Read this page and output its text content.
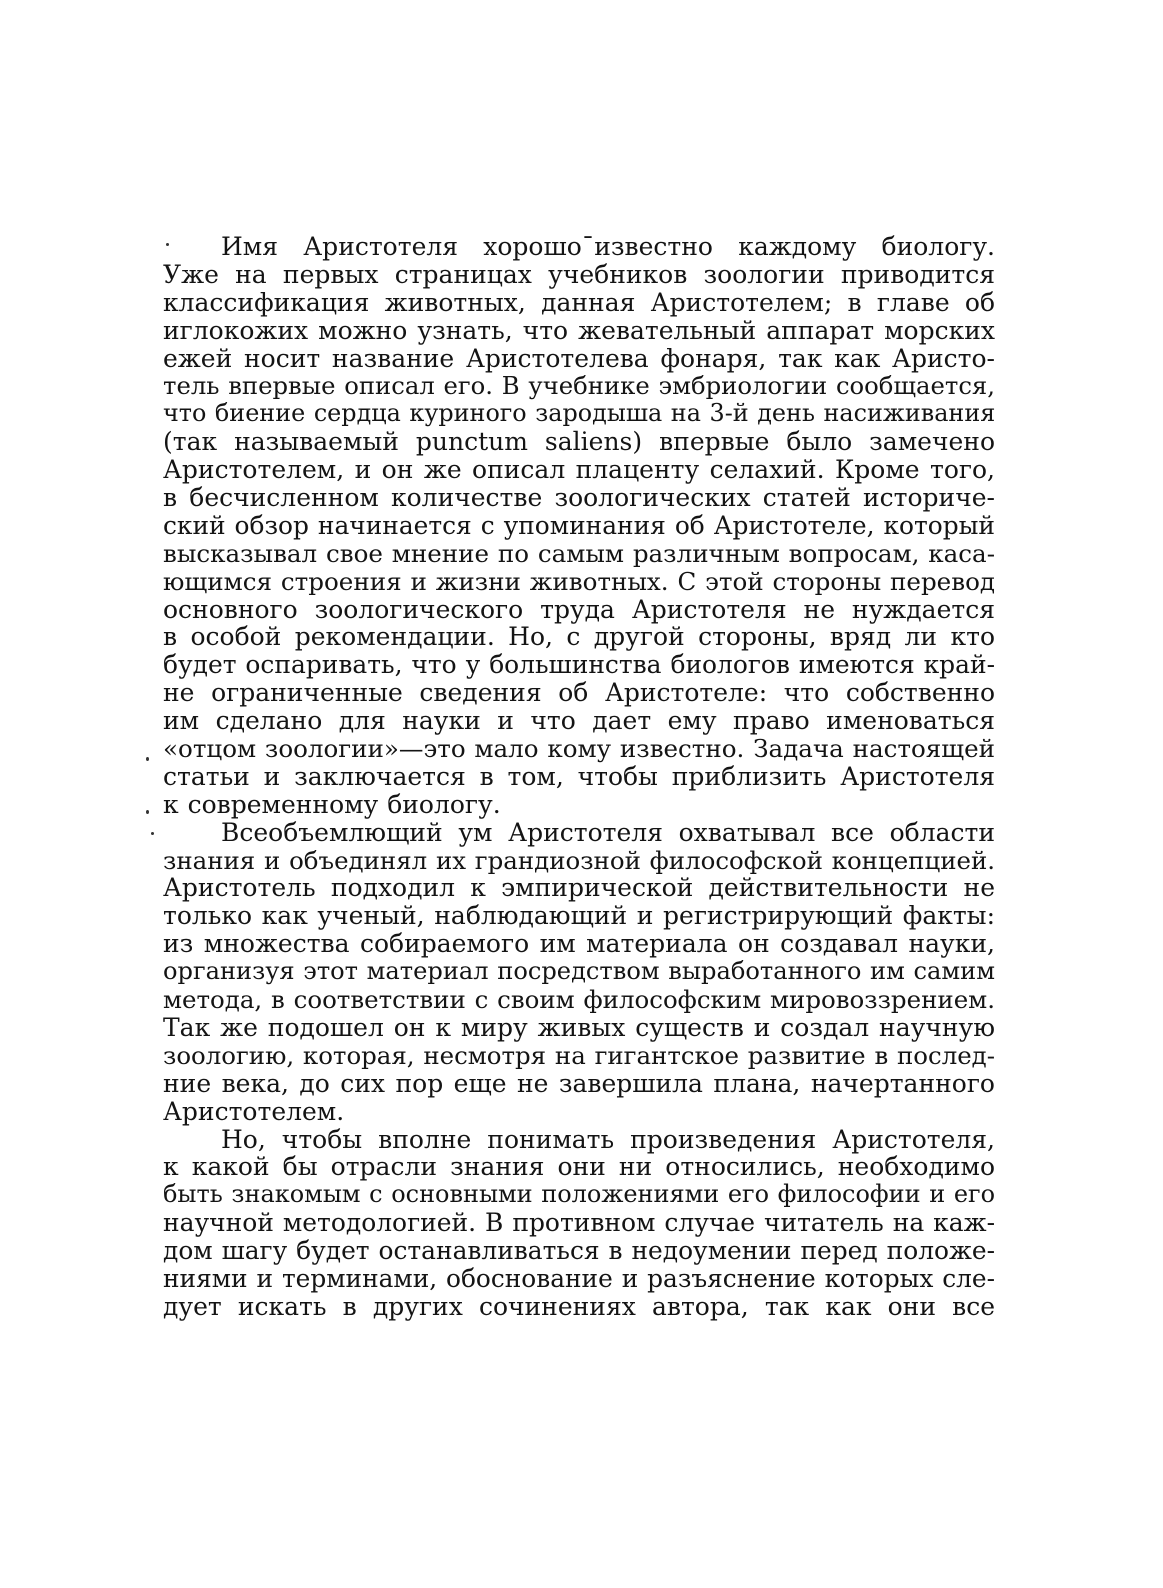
Имя Аристотеля хорошо¯известно каждому биологу.
Уже на первых страницах учебников зоологии приводится
классификация животных, данная Аристотелем; в главе об
иглокожих можно узнать, что жевательный аппарат морских
ежей носит название Аристотелева фонаря, так как Аристо-
тель впервые описал его. В учебнике эмбриологии сообщается,
что биение сердца куриного зародыша на 3-й день насиживания
(так называемый punctum saliens) впервые было замечено
Аристотелем, и он же описал плаценту селахий. Кроме того,
в бесчисленном количестве зоологических статей историче-
ский обзор начинается с упоминания об Аристотеле, который
высказывал свое мнение по самым различным вопросам, каса-
ющимся строения и жизни животных. С этой стороны перевод
основного зоологического труда Аристотеля не нуждается
в особой рекомендации. Но, с другой стороны, вряд ли кто
будет оспаривать, что у большинства биологов имеются край-
не ограниченные сведения об Аристотеле: что собственно
им сделано для науки и что дает ему право именоваться
«отцом зоологии»—это мало кому известно. Задача настоящей
статьи и заключается в том, чтобы приблизить Аристотеля
к современному биологу.
Всеобъемлющий ум Аристотеля охватывал все области
знания и объединял их грандиозной философской концепцией.
Аристотель подходил к эмпирической действительности не
только как ученый, наблюдающий и регистрирующий факты:
из множества собираемого им материала он создавал науки,
организуя этот материал посредством выработанного им самим
метода, в соответствии с своим философским мировоззрением.
Так же подошел он к миру живых существ и создал научную
зоологию, которая, несмотря на гигантское развитие в послед-
ние века, до сих пор еще не завершила плана, начертанного
Аристотелем.
Но, чтобы вполне понимать произведения Аристотеля,
к какой бы отрасли знания они ни относились, необходимо
быть знакомым с основными положениями его философии и его
научной методологией. В противном случае читатель на каж-
дом шагу будет останавливаться в недоумении перед положе-
ниями и терминами, обоснование и разъяснение которых сле-
дует искать в других сочинениях автора, так как они все
